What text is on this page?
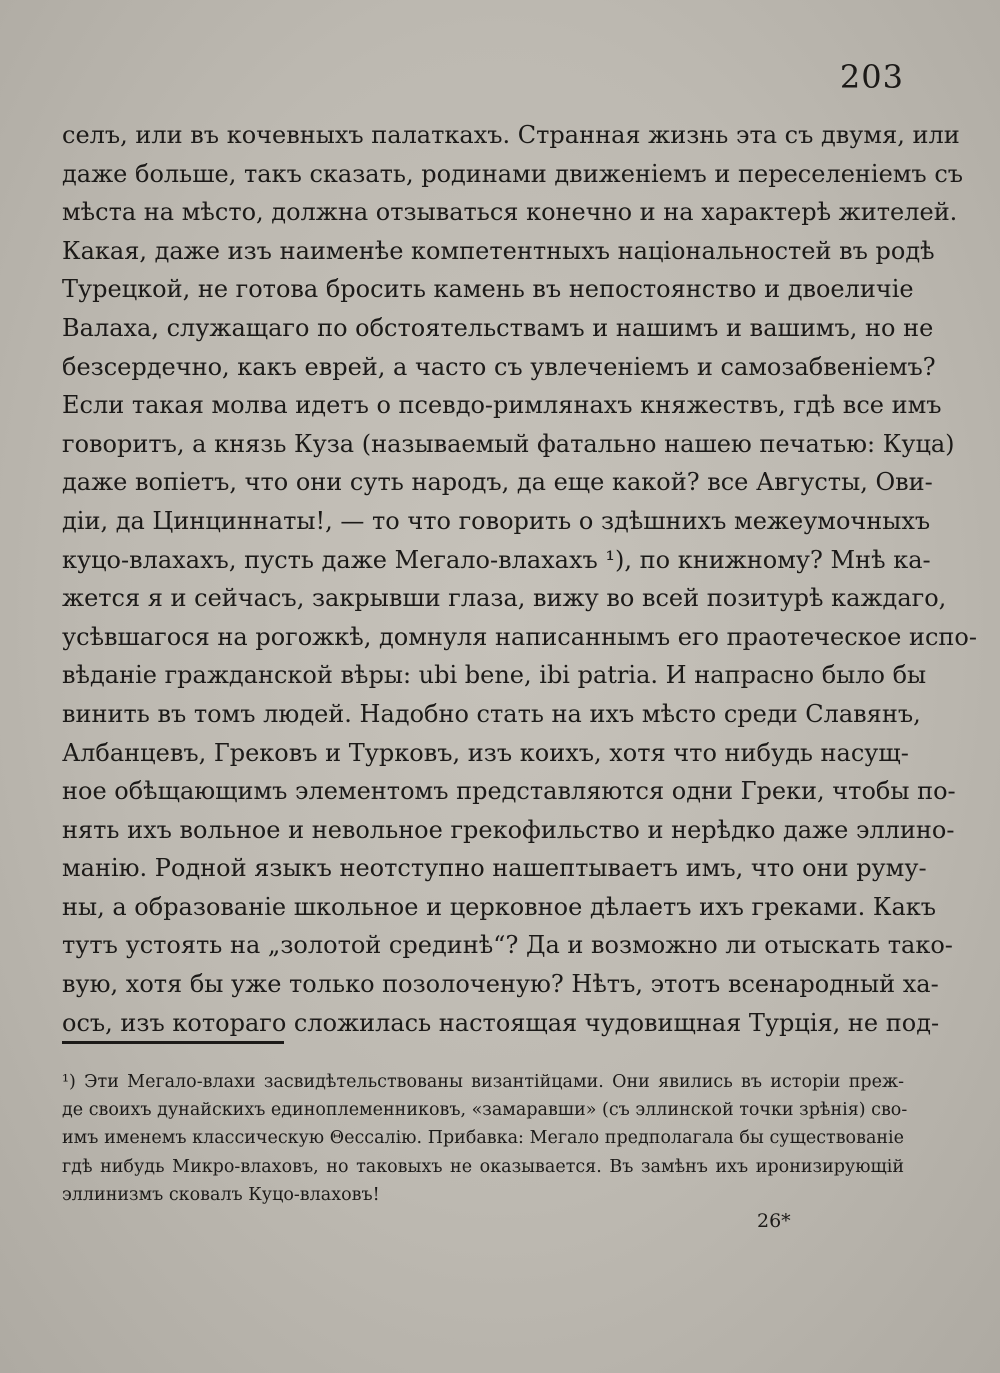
203
селъ, или въ кочевныхъ палаткахъ. Странная жизнь эта съ двумя, или
даже больше, такъ сказать, родинами движенiемъ и переселенiемъ съ
мѣста на мѣсто, должна отзываться конечно и на характерѣ жителей.
Какая, даже изъ наименѣе компетентныхъ нацiональностей въ родѣ
Турецкой, не готова бросить камень въ непостоянство и двоеличiе
Валаха, служащаго по обстоятельствамъ и нашимъ и вашимъ, но не
безсердечно, какъ еврей, а часто съ увлеченiемъ и самозабвенiемъ?
Если такая молва идетъ о псевдо-римлянахъ княжествъ, гдѣ все имъ
говоритъ, а князь Куза (называемый фатально нашею печатью: Куца)
даже вопiетъ, что они суть народъ, да еще какой? все Августы, Ови-
дiи, да Цинциннаты!, — то что говорить о здѣшнихъ межеумочныхъ
куцо-влахахъ, пусть даже Мегало-влахахъ ¹), по книжному? Мнѣ ка-
жется я и сейчасъ, закрывши глаза, вижу во всей позитурѣ каждаго,
усѣвшагося на рогожкѣ, домнуля написаннымъ его праотеческое испо-
вѣданiе гражданской вѣры: ubi bene, ibi patria. И напрасно было бы
винить въ томъ людей. Надобно стать на ихъ мѣсто среди Славянъ,
Албанцевъ, Грековъ и Турковъ, изъ коихъ, хотя что нибудь насущ-
ное обѣщающимъ элементомъ представляются одни Греки, чтобы по-
нять ихъ вольное и невольное грекофильство и нерѣдко даже эллино-
манiю. Родной языкъ неотступно нашептываетъ имъ, что они руму-
ны, а образованiе школьное и церковное дѣлаетъ ихъ греками. Какъ
тутъ устоять на „золотой срединѣ“? Да и возможно ли отыскать тако-
вую, хотя бы уже только позолоченую? Нѣтъ, этотъ всенародный ха-
осъ, изъ котораго сложилась настоящая чудовищная Турцiя, не под-
¹) Эти Мегало-влахи засвидѣтельствованы византiйцами. Они явились въ исторiи преж-
де своихъ дунайскихъ единоплеменниковъ, «замаравши» (съ эллинской точки зрѣнiя) сво-
имъ именемъ классическую Θессалiю. Прибавка: Мегало предполагала бы существованiе
гдѣ нибудь Микро-влаховъ, но таковыхъ не оказывается. Въ замѣнъ ихъ иронизирующiй
эллинизмъ сковалъ Куцо-влаховъ!
26*
